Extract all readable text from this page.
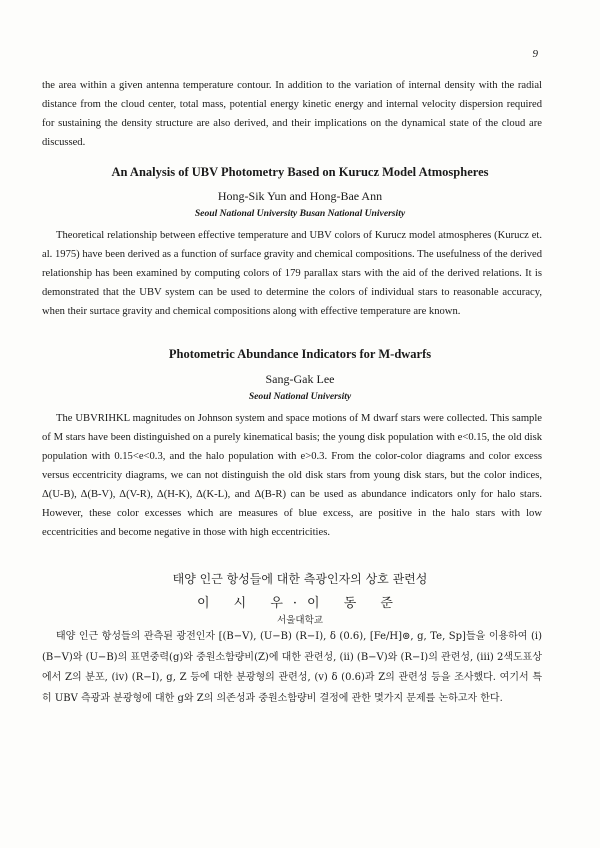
9

the area within a given antenna temperature contour. In addition to the variation of internal density with the radial distance from the cloud center, total mass, potential energy kinetic energy and internal velocity dispersion required for sustaining the density structure are also derived, and their implications on the dynamical state of the cloud are discussed.

An Analysis of UBV Photometry Based on Kurucz Model Atmospheres

Hong-Sik Yun and Hong-Bae Ann

Seoul National University Busan National University

Theoretical relationship between effective temperature and UBV colors of Kurucz model atmospheres (Kurucz et. al. 1975) have been derived as a function of surface gravity and chemical compositions. The usefulness of the derived relationship has been examined by computing colors of 179 parallax stars with the aid of the derived relations. It is demonstrated that the UBV system can be used to determine the colors of individual stars to reasonable accuracy, when their surtace gravity and chemical compositions along with effective temperature are known.

Photometric Abundance Indicators for M-dwarfs

Sang-Gak Lee

Seoul National University

The UBVRIHKL magnitudes on Johnson system and space motions of M dwarf stars were collected. This sample of M stars have been distinguished on a purely kinematical basis; the young disk population with e<0.15, the old disk population with 0.15<e<0.3, and the halo population with e>0.3. From the color-color diagrams and color excess versus eccentricity diagrams, we can not distinguish the old disk stars from young disk stars, but the color indices, Δ(U-B), Δ(B-V), Δ(V-R), Δ(H-K), Δ(K-L), and Δ(B-R) can be used as abundance indicators only for halo stars. However, these color excesses which are measures of blue excess, are positive in the halo stars with low eccentricities and become negative in those with high eccentricities.

태양 인근 항성들에 대한 측광인자의 상호 관련성

이 시 우·이 동 준

서울대학교

태양 인근 항성들의 관측된 광전인자 [(B−V), (U−B) (R−I), δ (0.6), [Fe/H]⊚, g, Te, Sp]들을 이용하여 (i) (B−V)와 (U−B)의 표면중력(g)와 중원소함량비(Z)에 대한 관련성, (ii) (B−V)와 (R−I)의 관련성, (iii) 2색도표상에서 Z의 분포, (iv) (R−I), g, Z 등에 대한 분광형의 관련성, (v) δ (0.6)과 Z의 관련성 등을 조사했다. 여기서 특히 UBV 측광과 분광형에 대한 g와 Z의 의존성과 중원소함량비 결정에 관한 몇가지 문제를 논하고자 한다.
